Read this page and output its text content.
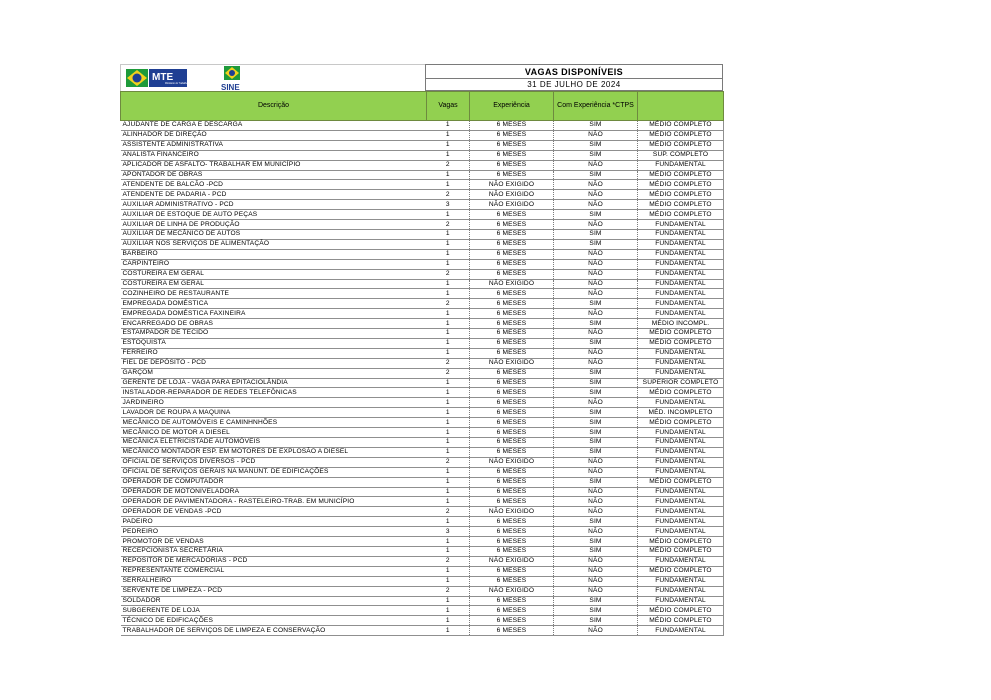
MTE
Ministério do Trabalho e Emprego	SINE
VAGAS DISPONÍVEIS
31 DE JULHO DE 2024
Descrição	Vagas	Experiência	Com Experiência *CTPS	
AJUDANTE DE CARGA E DESCARGA	1	6 MESES	SIM	MÉDIO COMPLETO
ALINHADOR DE DIREÇÃO	1	6 MESES	NÃO	MÉDIO COMPLETO
ASSISTENTE ADMINISTRATIVA	1	6 MESES	SIM	MÉDIO COMPLETO
ANALISTA FINANCEIRO	1	6 MESES	SIM	SUP. COMPLETO
APLICADOR DE ASFALTO- TRABALHAR EM MUNICÍPIO	2	6 MESES	NÃO	FUNDAMENTAL
APONTADOR DE OBRAS	1	6 MESES	SIM	MÉDIO COMPLETO
ATENDENTE DE BALCÃO -PCD	1	NÃO EXIGIDO	NÃO	MÉDIO COMPLETO
ATENDENTE DE PADARIA - PCD	2	NÃO EXIGIDO	NÃO	MÉDIO COMPLETO
AUXILIAR ADMINISTRATIVO - PCD	3	NÃO EXIGIDO	NÃO	MÉDIO COMPLETO
AUXILIAR DE ESTOQUE DE AUTO PEÇAS	1	6 MESES	SIM	MÉDIO COMPLETO
AUXILIAR DE LINHA DE PRODUÇÃO	2	6 MESES	NÃO	FUNDAMENTAL
AUXILIAR DE MECÂNICO DE AUTOS	1	6 MESES	SIM	FUNDAMENTAL
AUXILIAR NOS SERVIÇOS DE ALIMENTAÇÃO	1	6 MESES	SIM	FUNDAMENTAL
BARBEIRO	1	6 MESES	NÃO	FUNDAMENTAL
CARPINTEIRO	1	6 MESES	NÃO	FUNDAMENTAL
COSTUREIRA EM GERAL	2	6 MESES	NÃO	FUNDAMENTAL
COSTUREIRA EM GERAL	1	NÃO EXIGIDO	NÃO	FUNDAMENTAL
COZINHEIRO DE RESTAURANTE	1	6 MESES	NÃO	FUNDAMENTAL
EMPREGADA DOMÉSTICA	2	6 MESES	SIM	FUNDAMENTAL
EMPREGADA DOMÉSTICA FAXINEIRA	1	6 MESES	NÃO	FUNDAMENTAL
ENCARREGADO DE OBRAS	1	6 MESES	SIM	MÉDIO INCOMPL.
ESTAMPADOR DE TECIDO	1	6 MESES	NÃO	MÉDIO COMPLETO
ESTOQUISTA	1	6 MESES	SIM	MÉDIO COMPLETO
FERREIRO	1	6 MESES	NÃO	FUNDAMENTAL
FIEL DE DEPÓSITO - PCD	2	NÃO EXIGIDO	NÃO	FUNDAMENTAL
GARÇOM	2	6 MESES	SIM	FUNDAMENTAL
GERENTE DE LOJA - VAGA PARA EPITACIOLÂNDIA	1	6 MESES	SIM	SUPERIOR COMPLETO
INSTALADOR-REPARADOR DE REDES TELEFÔNICAS	1	6 MESES	SIM	MÉDIO COMPLETO
JARDINEIRO	1	6 MESES	NÃO	FUNDAMENTAL
LAVADOR DE ROUPA A MAQUINA	1	6 MESES	SIM	MÉD. INCOMPLETO
MECÂNICO DE AUTOMÓVEIS E CAMINHNHÕES	1	6 MESES	SIM	MÉDIO COMPLETO
MECÂNICO DE MOTOR A DIESEL	1	6 MESES	SIM	FUNDAMENTAL
MECÂNICA ELETRICISTADE AUTOMÓVEIS	1	6 MESES	SIM	FUNDAMENTAL
MECÂNICO MONTADOR ESP. EM MOTORES DE EXPLOSÃO A DIESEL	1	6 MESES	SIM	FUNDAMENTAL
OFICIAL DE SERVIÇOS DIVERSOS - PCD	2	NÃO EXIGIDO	NÃO	FUNDAMENTAL
OFICIAL DE SERVIÇOS GERAIS NA MANUNT. DE EDIFICAÇÕES	1	6 MESES	NÃO	FUNDAMENTAL
OPERADOR DE COMPUTADOR	1	6 MESES	SIM	MÉDIO COMPLETO
OPERADOR DE MOTONIVELADORA	1	6 MESES	NÃO	FUNDAMENTAL
OPERADOR DE PAVIMENTADORA - RASTELEIRO-TRAB. EM MUNICÍPIO	1	6 MESES	NÃO	FUNDAMENTAL
OPERADOR DE VENDAS -PCD	2	NÃO EXIGIDO	NÃO	FUNDAMENTAL
PADEIRO	1	6 MESES	SIM	FUNDAMENTAL
PEDREIRO	3	6 MESES	NÃO	FUNDAMENTAL
PROMOTOR DE VENDAS	1	6 MESES	SIM	MÉDIO COMPLETO
RECEPCIONISTA SECRETÁRIA	1	6 MESES	SIM	MÉDIO COMPLETO
REPOSITOR DE MERCADORIAS - PCD	2	NÃO EXIGIDO	NÃO	FUNDAMENTAL
REPRESENTANTE COMERCIAL	1	6 MESES	NÃO	MÉDIO COMPLETO
SERRALHEIRO	1	6 MESES	NÃO	FUNDAMENTAL
SERVENTE DE LIMPEZA - PCD	2	NÃO EXIGIDO	NÃO	FUNDAMENTAL
SOLDADOR	1	6 MESES	SIM	FUNDAMENTAL
SUBGERENTE DE LOJA	1	6 MESES	SIM	MÉDIO COMPLETO
TÉCNICO DE EDIFICAÇÕES	1	6 MESES	SIM	MÉDIO COMPLETO
TRABALHADOR DE SERVIÇOS DE LIMPEZA E CONSERVAÇÃO	1	6 MESES	NÃO	FUNDAMENTAL
